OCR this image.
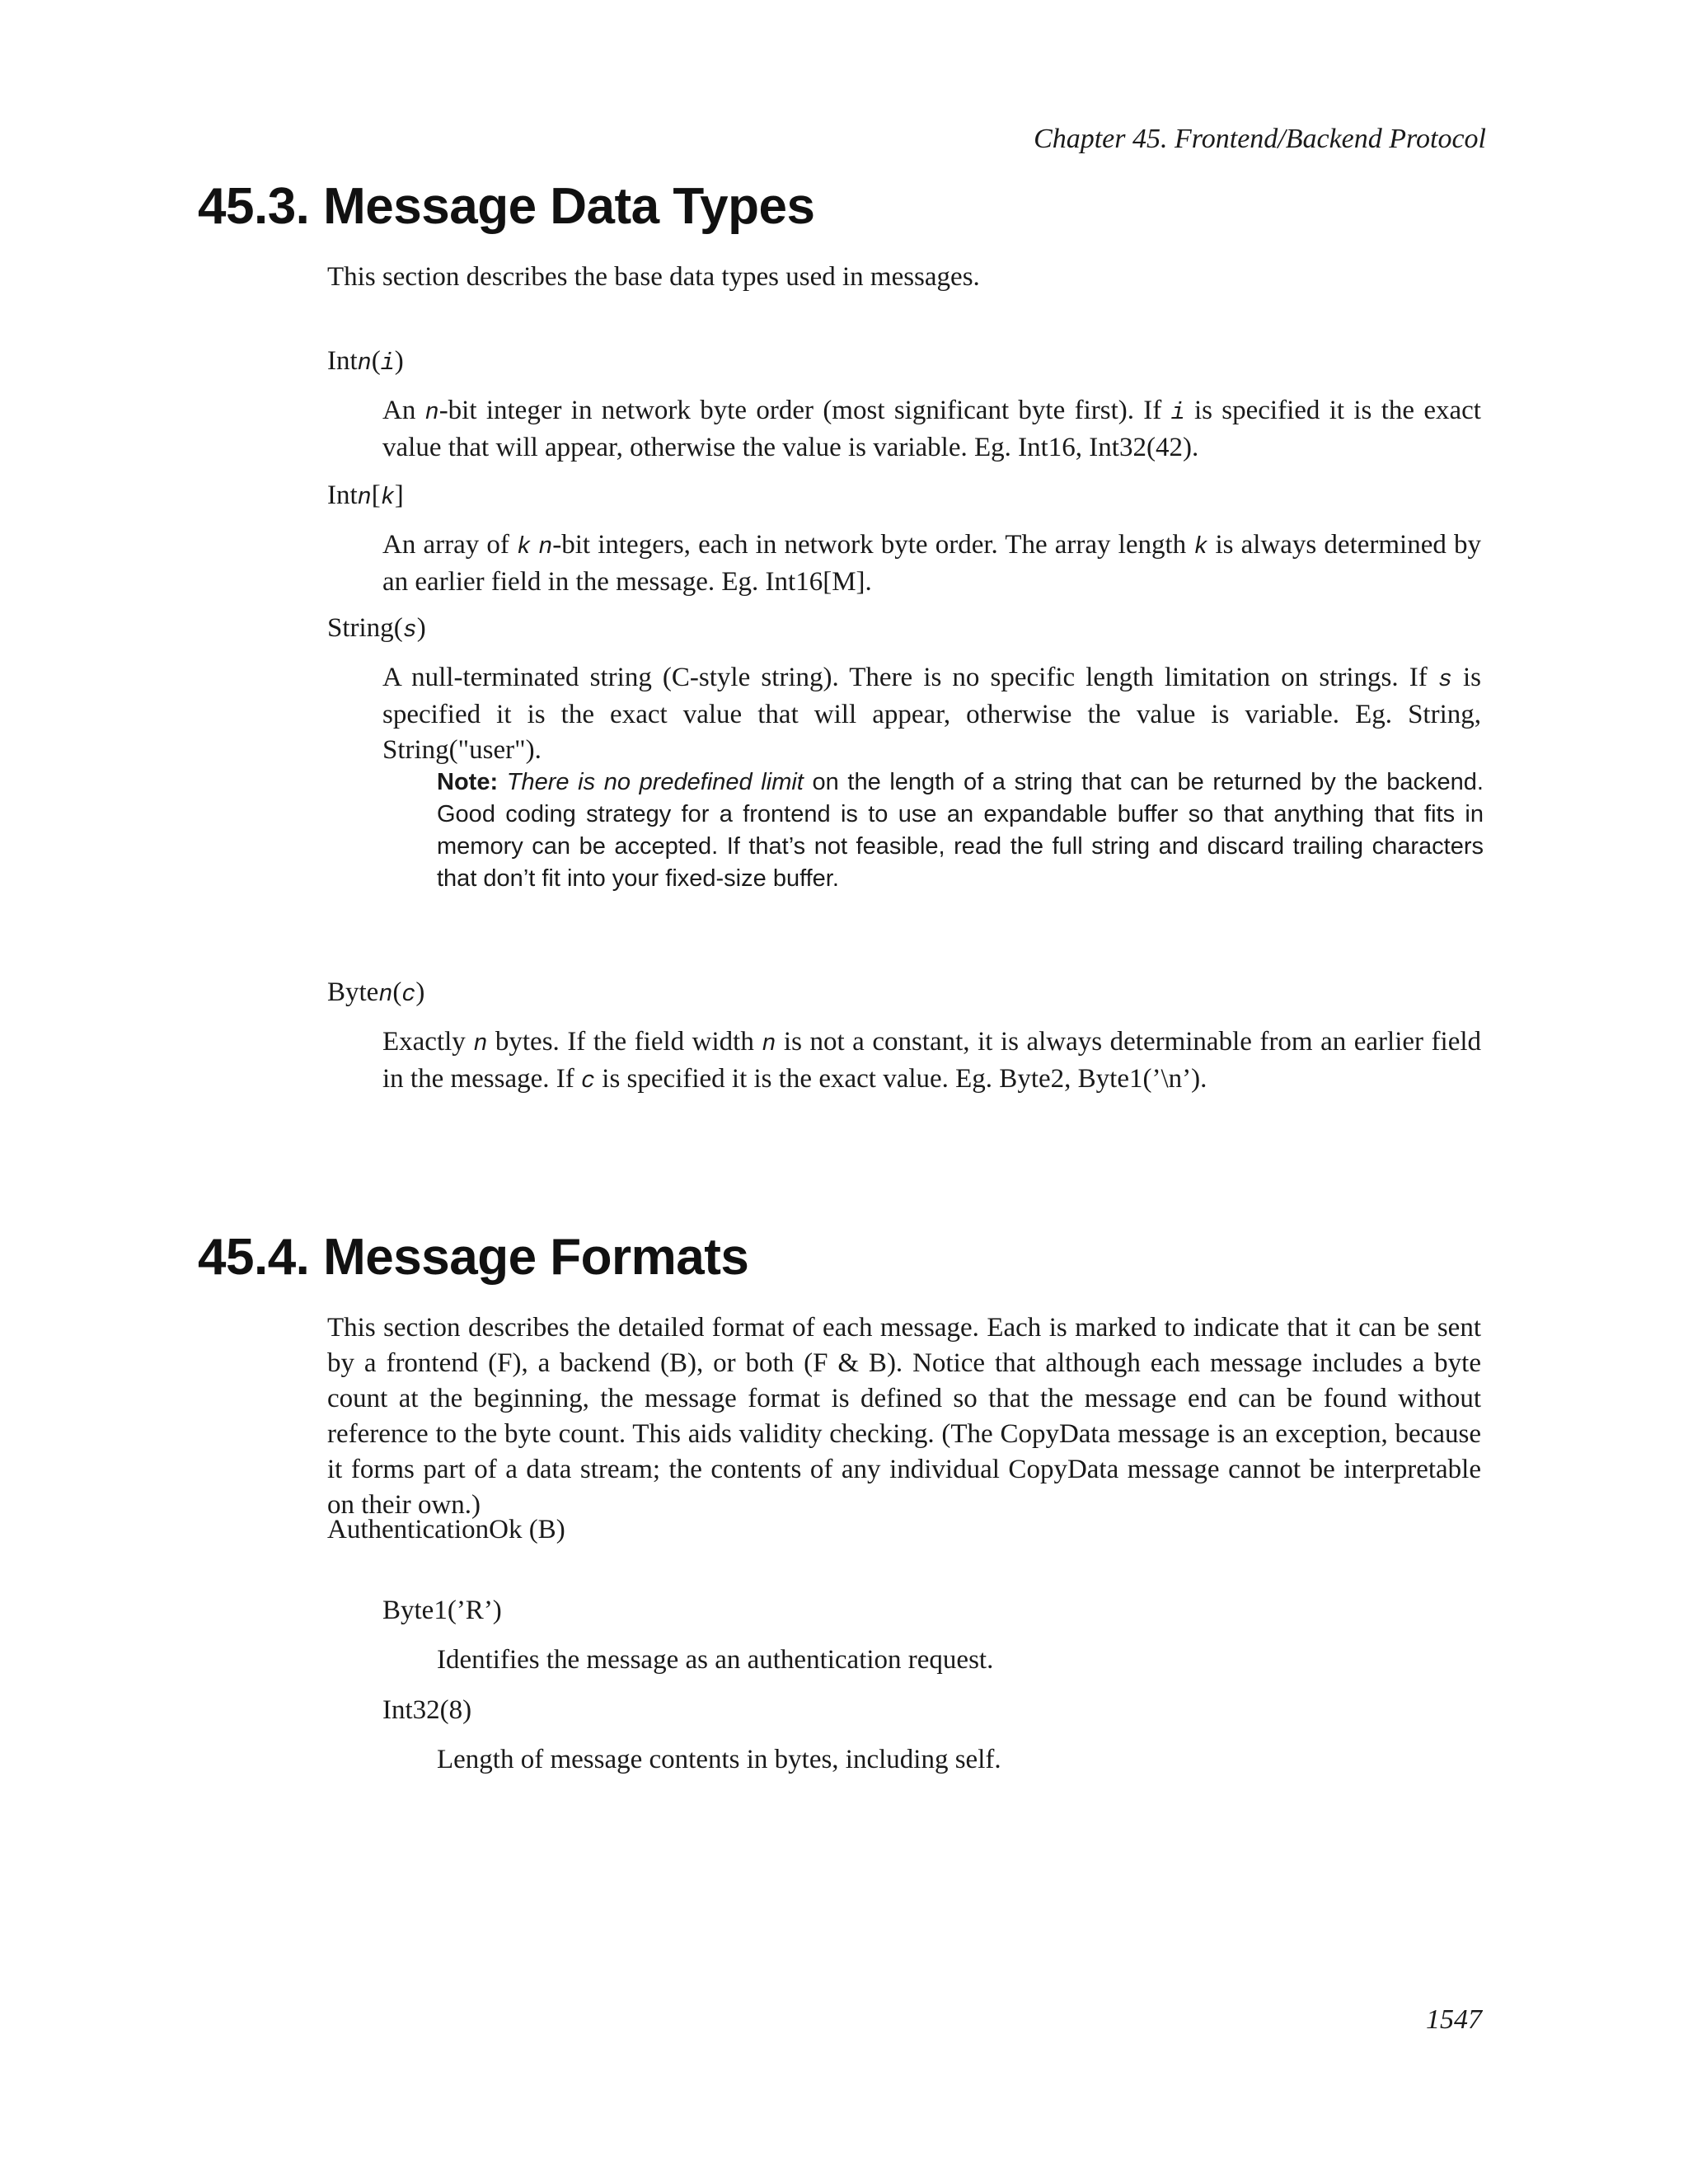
Chapter 45. Frontend/Backend Protocol
45.3. Message Data Types

This section describes the base data types used in messages.

Intn(i)

An n-bit integer in network byte order (most significant byte first). If i is specified it is the exact value that will appear, otherwise the value is variable. Eg. Int16, Int32(42).

Intn[k]

An array of k n-bit integers, each in network byte order. The array length k is always determined by an earlier field in the message. Eg. Int16[M].

String(s)

A null-terminated string (C-style string). There is no specific length limitation on strings. If s is specified it is the exact value that will appear, otherwise the value is variable. Eg. String, String("user").

Note: There is no predefined limit on the length of a string that can be returned by the backend. Good coding strategy for a frontend is to use an expandable buffer so that anything that fits in memory can be accepted. If that’s not feasible, read the full string and discard trailing characters that don’t fit into your fixed-size buffer.

Byten(c)

Exactly n bytes. If the field width n is not a constant, it is always determinable from an earlier field in the message. If c is specified it is the exact value. Eg. Byte2, Byte1(’\n’).

45.4. Message Formats

This section describes the detailed format of each message. Each is marked to indicate that it can be sent by a frontend (F), a backend (B), or both (F & B). Notice that although each message includes a byte count at the beginning, the message format is defined so that the message end can be found without reference to the byte count. This aids validity checking. (The CopyData message is an exception, because it forms part of a data stream; the contents of any individual CopyData message cannot be interpretable on their own.)

AuthenticationOk (B)

Byte1(’R’)

Identifies the message as an authentication request.

Int32(8)

Length of message contents in bytes, including self.

1547
